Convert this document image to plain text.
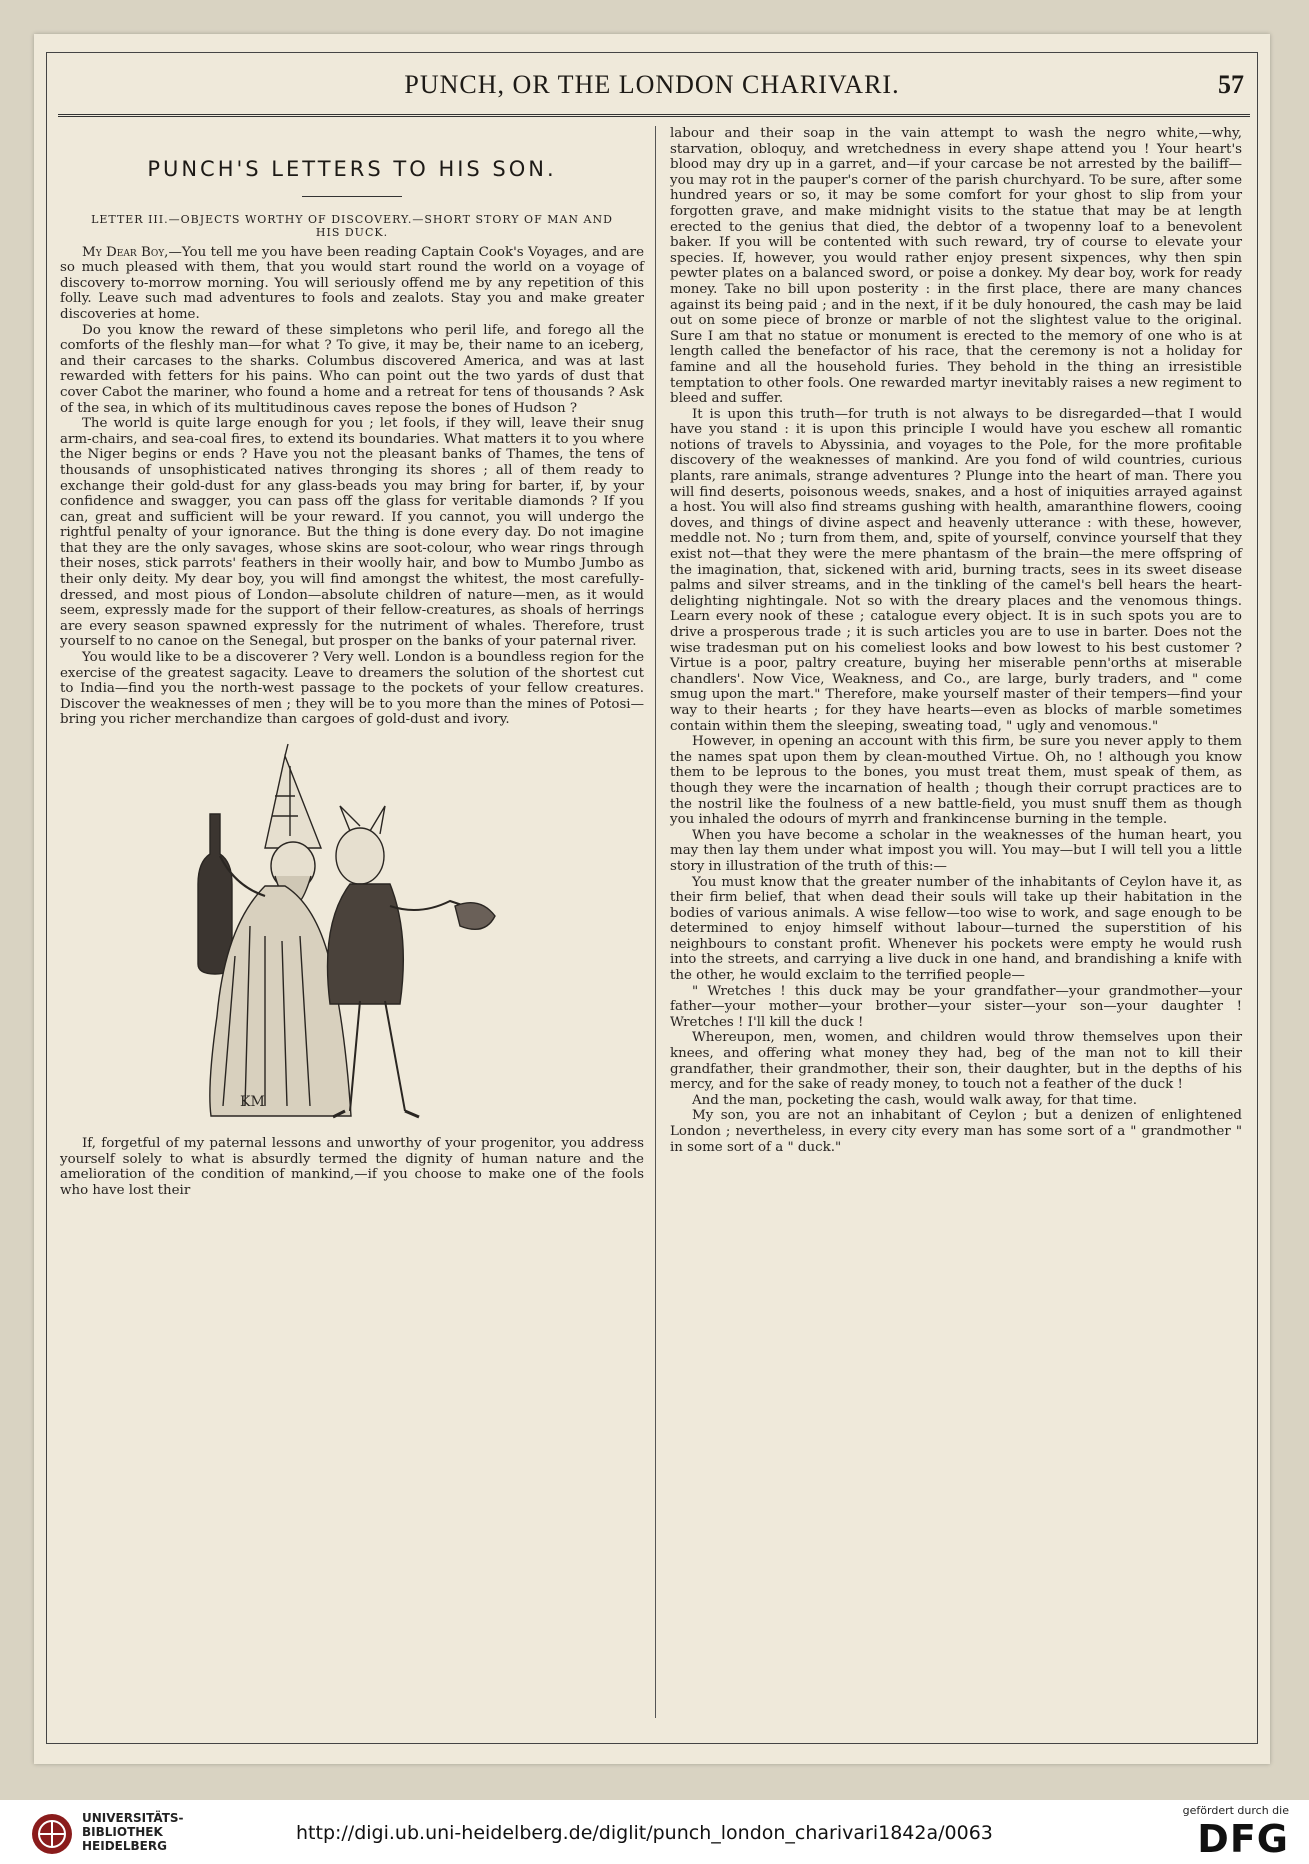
PUNCH, OR THE LONDON CHARIVARI.	57
PUNCH'S LETTERS TO HIS SON.
LETTER III.—OBJECTS WORTHY OF DISCOVERY.—SHORT STORY OF MAN AND HIS DUCK.

My Dear Boy,—You tell me you have been reading Captain Cook's Voyages, and are so much pleased with them, that you would start round the world on a voyage of discovery to-morrow morning. You will seriously offend me by any repetition of this folly. Leave such mad adventures to fools and zealots. Stay you and make greater discoveries at home.

Do you know the reward of these simpletons who peril life, and forego all the comforts of the fleshly man—for what ? To give, it may be, their name to an iceberg, and their carcases to the sharks. Columbus discovered America, and was at last rewarded with fetters for his pains. Who can point out the two yards of dust that cover Cabot the mariner, who found a home and a retreat for tens of thousands ? Ask of the sea, in which of its multitudinous caves repose the bones of Hudson ?

The world is quite large enough for you ; let fools, if they will, leave their snug arm-chairs, and sea-coal fires, to extend its boundaries. What matters it to you where the Niger begins or ends ? Have you not the pleasant banks of Thames, the tens of thousands of unsophisticated natives thronging its shores ; all of them ready to exchange their gold-dust for any glass-beads you may bring for barter, if, by your confidence and swagger, you can pass off the glass for veritable diamonds ? If you can, great and sufficient will be your reward. If you cannot, you will undergo the rightful penalty of your ignorance. But the thing is done every day. Do not imagine that they are the only savages, whose skins are soot-colour, who wear rings through their noses, stick parrots' feathers in their woolly hair, and bow to Mumbo Jumbo as their only deity. My dear boy, you will find amongst the whitest, the most carefully-dressed, and most pious of London—absolute children of nature—men, as it would seem, expressly made for the support of their fellow-creatures, as shoals of herrings are every season spawned expressly for the nutriment of whales. Therefore, trust yourself to no canoe on the Senegal, but prosper on the banks of your paternal river.

You would like to be a discoverer ? Very well. London is a boundless region for the exercise of the greatest sagacity. Leave to dreamers the solution of the shortest cut to India—find you the north-west passage to the pockets of your fellow creatures. Discover the weaknesses of men ; they will be to you more than the mines of Potosi—bring you richer merchandize than cargoes of gold-dust and ivory.

KM

If, forgetful of my paternal lessons and unworthy of your progenitor, you address yourself solely to what is absurdly termed the dignity of human nature and the amelioration of the condition of mankind,—if you choose to make one of the fools who have lost their

labour and their soap in the vain attempt to wash the negro white,—why, starvation, obloquy, and wretchedness in every shape attend you ! Your heart's blood may dry up in a garret, and—if your carcase be not arrested by the bailiff—you may rot in the pauper's corner of the parish churchyard. To be sure, after some hundred years or so, it may be some comfort for your ghost to slip from your forgotten grave, and make midnight visits to the statue that may be at length erected to the genius that died, the debtor of a twopenny loaf to a benevolent baker. If you will be contented with such reward, try of course to elevate your species. If, however, you would rather enjoy present sixpences, why then spin pewter plates on a balanced sword, or poise a donkey. My dear boy, work for ready money. Take no bill upon posterity : in the first place, there are many chances against its being paid ; and in the next, if it be duly honoured, the cash may be laid out on some piece of bronze or marble of not the slightest value to the original. Sure I am that no statue or monument is erected to the memory of one who is at length called the benefactor of his race, that the ceremony is not a holiday for famine and all the household furies. They behold in the thing an irresistible temptation to other fools. One rewarded martyr inevitably raises a new regiment to bleed and suffer.

It is upon this truth—for truth is not always to be disregarded—that I would have you stand : it is upon this principle I would have you eschew all romantic notions of travels to Abyssinia, and voyages to the Pole, for the more profitable discovery of the weaknesses of mankind. Are you fond of wild countries, curious plants, rare animals, strange adventures ? Plunge into the heart of man. There you will find deserts, poisonous weeds, snakes, and a host of iniquities arrayed against a host. You will also find streams gushing with health, amaranthine flowers, cooing doves, and things of divine aspect and heavenly utterance : with these, however, meddle not. No ; turn from them, and, spite of yourself, convince yourself that they exist not—that they were the mere phantasm of the brain—the mere offspring of the imagination, that, sickened with arid, burning tracts, sees in its sweet disease palms and silver streams, and in the tinkling of the camel's bell hears the heart-delighting nightingale. Not so with the dreary places and the venomous things. Learn every nook of these ; catalogue every object. It is in such spots you are to drive a prosperous trade ; it is such articles you are to use in barter. Does not the wise tradesman put on his comeliest looks and bow lowest to his best customer ? Virtue is a poor, paltry creature, buying her miserable penn'orths at miserable chandlers'. Now Vice, Weakness, and Co., are large, burly traders, and " come smug upon the mart." Therefore, make yourself master of their tempers—find your way to their hearts ; for they have hearts—even as blocks of marble sometimes contain within them the sleeping, sweating toad, " ugly and venomous."

However, in opening an account with this firm, be sure you never apply to them the names spat upon them by clean-mouthed Virtue. Oh, no ! although you know them to be leprous to the bones, you must treat them, must speak of them, as though they were the incarnation of health ; though their corrupt practices are to the nostril like the foulness of a new battle-field, you must snuff them as though you inhaled the odours of myrrh and frankincense burning in the temple.

When you have become a scholar in the weaknesses of the human heart, you may then lay them under what impost you will. You may—but I will tell you a little story in illustration of the truth of this:—

You must know that the greater number of the inhabitants of Ceylon have it, as their firm belief, that when dead their souls will take up their habitation in the bodies of various animals. A wise fellow—too wise to work, and sage enough to be determined to enjoy himself without labour—turned the superstition of his neighbours to constant profit. Whenever his pockets were empty he would rush into the streets, and carrying a live duck in one hand, and brandishing a knife with the other, he would exclaim to the terrified people—

" Wretches ! this duck may be your grandfather—your grandmother—your father—your mother—your brother—your sister—your son—your daughter ! Wretches ! I'll kill the duck !

Whereupon, men, women, and children would throw themselves upon their knees, and offering what money they had, beg of the man not to kill their grandfather, their grandmother, their son, their daughter, but in the depths of his mercy, and for the sake of ready money, to touch not a feather of the duck !

And the man, pocketing the cash, would walk away, for that time.

My son, you are not an inhabitant of Ceylon ; but a denizen of enlightened London ; nevertheless, in every city every man has some sort of a " grandmother " in some sort of a " duck."

UNIVERSITÄTS-
BIBLIOTHEK
HEIDELBERG
http://digi.ub.uni-heidelberg.de/diglit/punch_london_charivari1842a/0063
gefördert durch die
DFG
